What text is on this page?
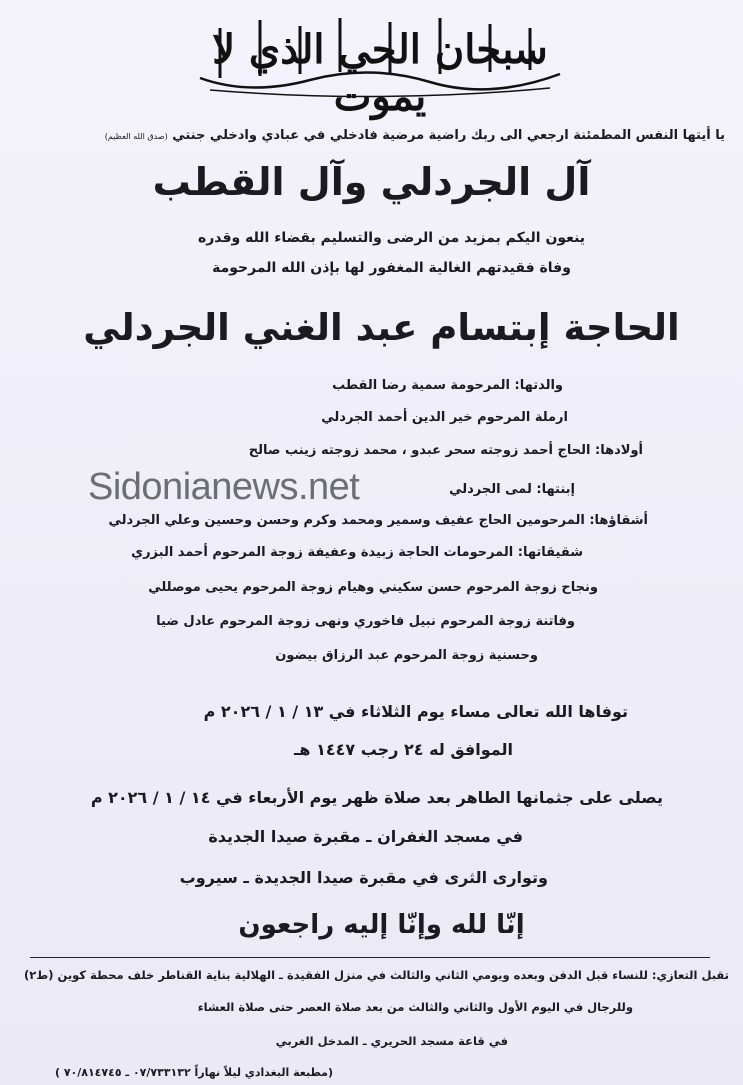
سبحان الحي الذي لا يموت
يا أيتها النفس المطمئنة ارجعي الى ربك راضية مرضية فادخلي في عبادي وادخلي جنتي (صدق الله العظيم)
آل الجردلي وآل القطب
ينعون اليكم بمزيد من الرضى والتسليم بقضاء الله وقدره
وفاة فقيدتهم الغالية المغفور لها بإذن الله المرحومة
الحاجة إبتسام عبد الغني الجردلي
والدتها: المرحومة سمية رضا القطب
ارملة المرحوم خير الدين أحمد الجردلي
أولادها: الحاج أحمد زوجته سحر عبدو ، محمد زوجته زينب صالح
إبنتها: لمى الجردلي
أشقاؤها: المرحومين الحاج عفيف وسمير ومحمد وكرم وحسن وحسين وعلي الجردلي
شقيقاتها: المرحومات الحاجة زبيدة وعفيفة زوجة المرحوم أحمد البزري
ونجاح زوجة المرحوم حسن سكيني وهيام زوجة المرحوم يحيى موصللي
وفاتنة زوجة المرحوم نبيل فاخوري ونهى زوجة المرحوم عادل ضيا
وحسنية زوجة المرحوم عبد الرزاق بيضون
Sidonianews.net
توفاها الله تعالى مساء يوم الثلاثاء في ١٣ / ١ / ٢٠٢٦ م
الموافق له ٢٤ رجب ١٤٤٧ هـ
يصلى على جثمانها الطاهر بعد صلاة ظهر يوم الأربعاء في ١٤ / ١ / ٢٠٢٦ م
في مسجد الغفران ـ مقبرة صيدا الجديدة
وتوارى الثرى في مقبرة صيدا الجديدة ـ سيروب
إنّا لله وإنّا إليه راجعون
تقبل التعازي: للنساء قبل الدفن وبعده ويومي الثاني والثالث في منزل الفقيدة ـ الهلالية بناية القناطر خلف محطة كوين (ط٢)
وللرجال في اليوم الأول والثاني والثالث من بعد صلاة العصر حتى صلاة العشاء
في قاعة مسجد الحريري ـ المدخل الغربي
(مطبعة البغدادي ليلاً نهاراً ٠٧/٧٣٣١٣٢ ـ ٧٠/٨١٤٧٤٥ )
